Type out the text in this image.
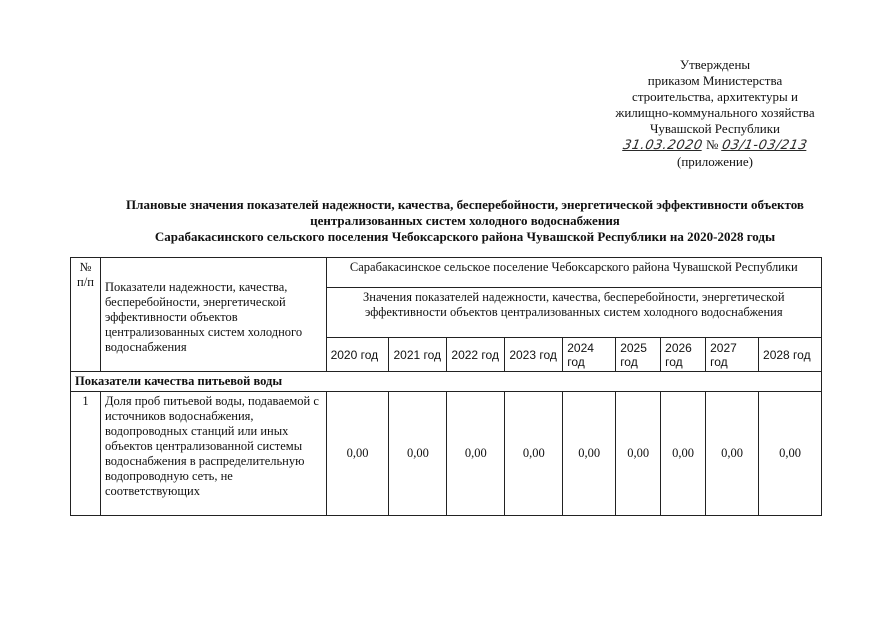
Утверждены
приказом Министерства
строительства, архитектуры и
жилищно-коммунального хозяйства
Чувашской Республики
31.03.2020 № 03/1-03/213
(приложение)
Плановые значения показателей надежности, качества, бесперебойности, энергетической эффективности объектов
централизованных систем холодного водоснабжения
Сарабакасинского сельского поселения Чебоксарского района Чувашской Республики на 2020-2028 годы
№ п/п	Показатели надежности, качества, бесперебойности, энергетической эффективности объектов централизованных систем холодного водоснабжения	Сарабакасинское сельское поселение Чебоксарского района Чувашской Республики								
		Значения показателей надежности, качества, бесперебойности, энергетической эффективности объектов централизованных систем холодного водоснабжения								
		2020 год	2021 год	2022 год	2023 год	2024 год	2025 год	2026 год	2027 год	2028 год
Показатели качества питьевой воды										
1	Доля проб питьевой воды, подаваемой с источников водоснабжения, водопроводных станций или иных объектов централизованной системы водоснабжения в распределительную водопроводную сеть, не соответствующих	0,00	0,00	0,00	0,00	0,00	0,00	0,00	0,00	0,00
